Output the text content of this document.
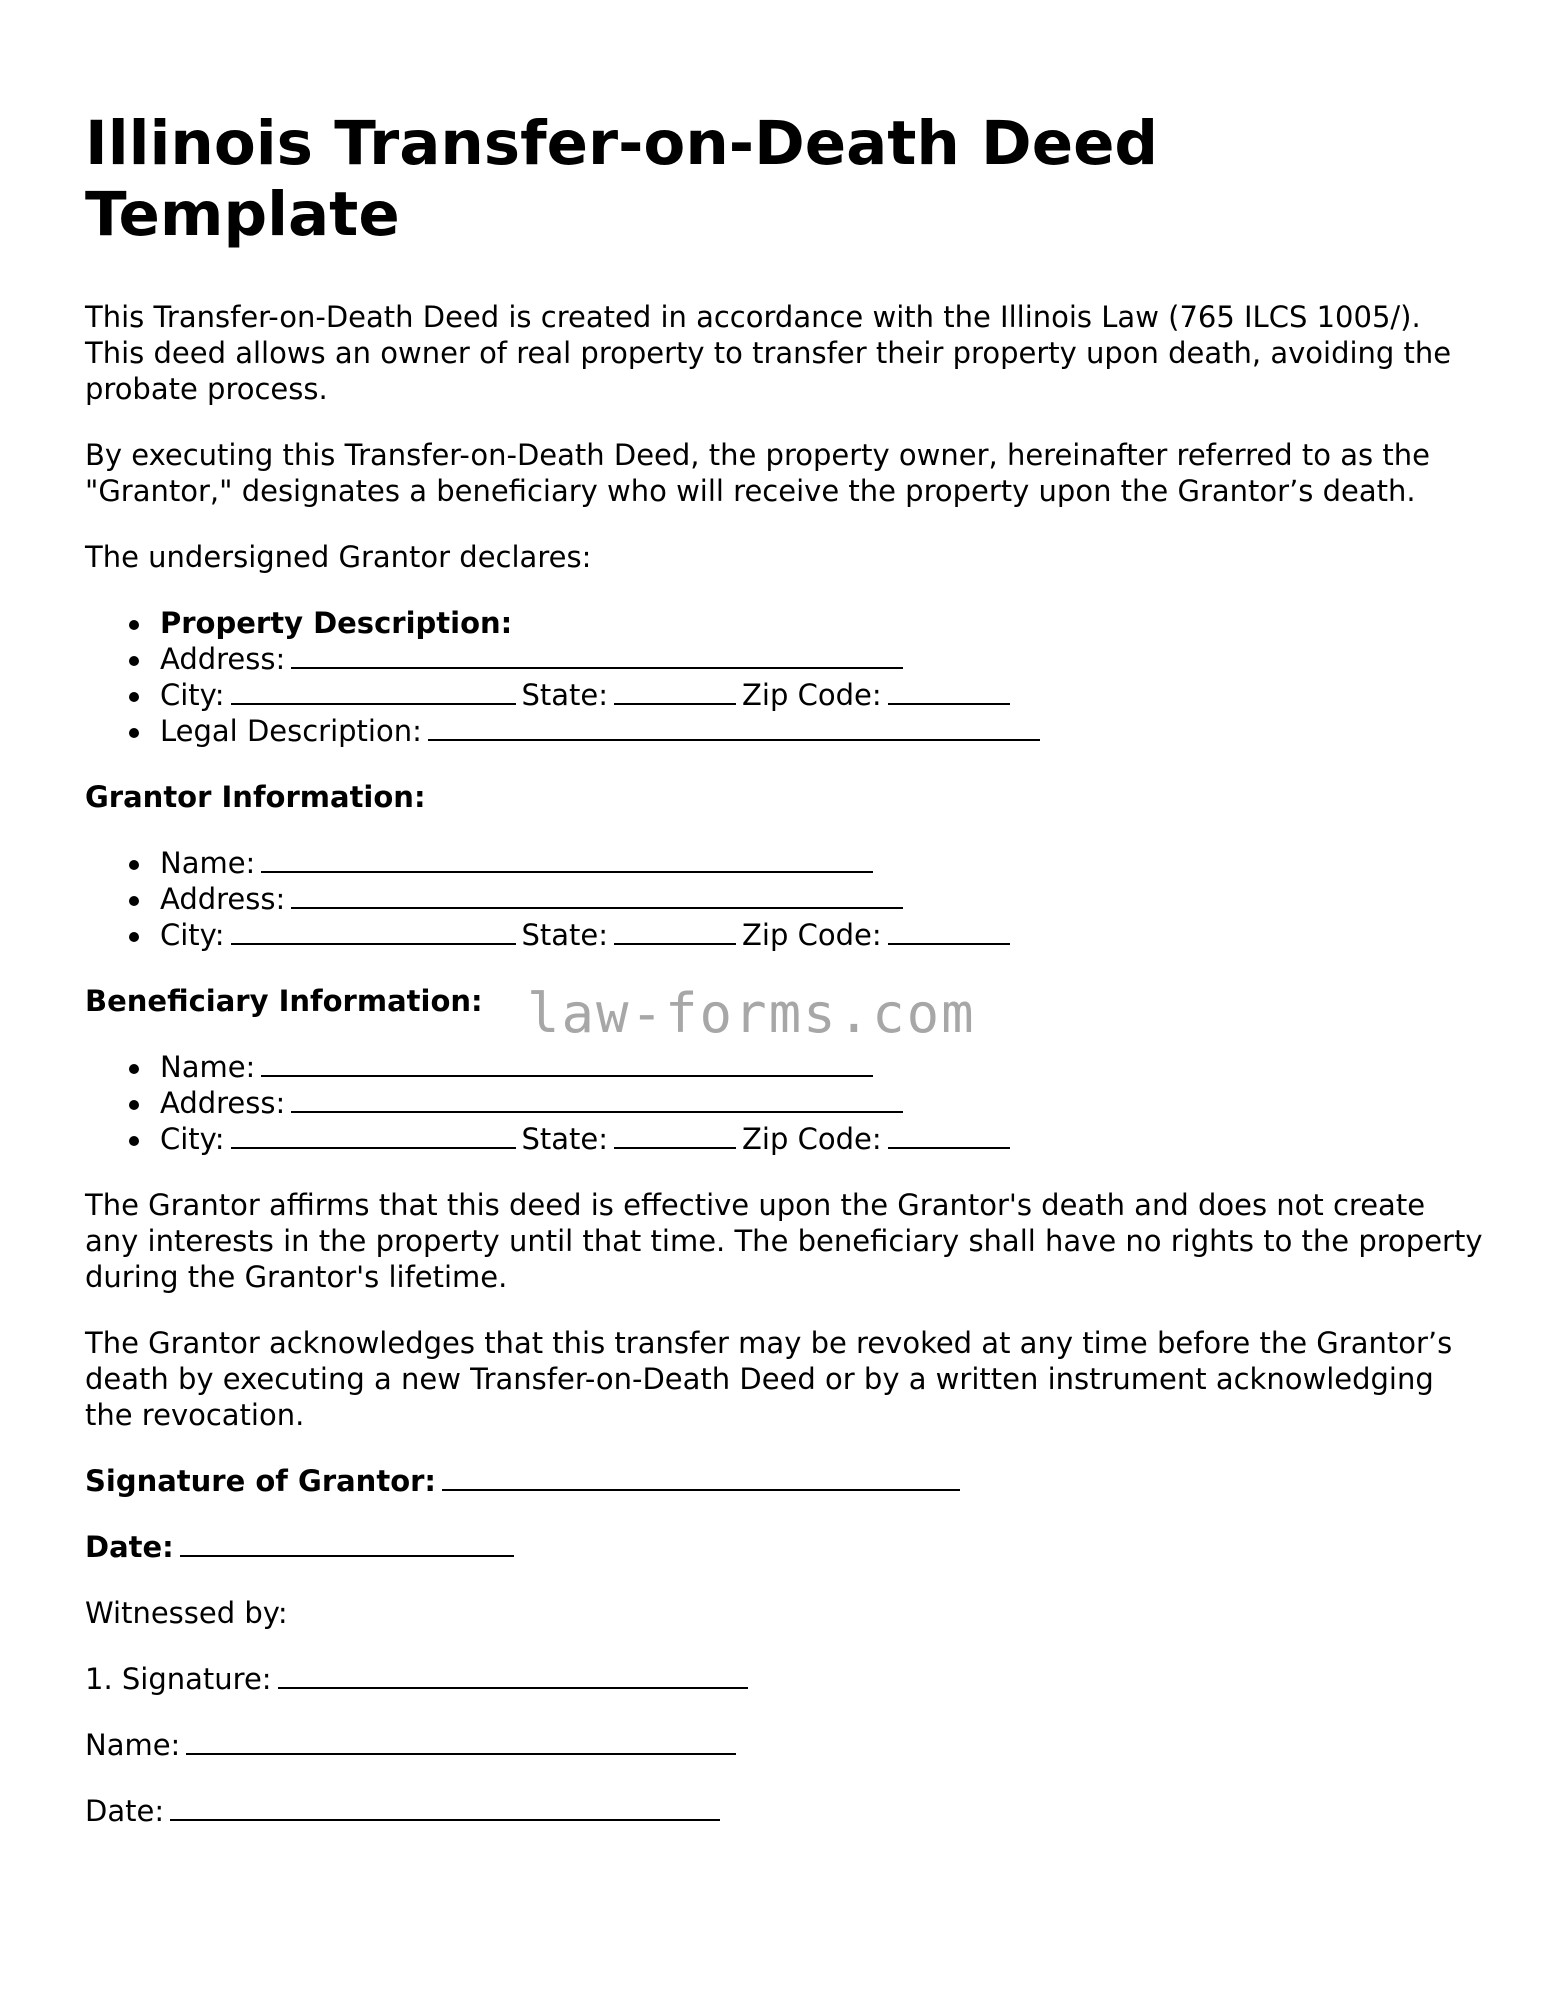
Illinois Transfer-on-Death Deed Template

This Transfer-on-Death Deed is created in accordance with the Illinois Law (765 ILCS 1005/). This deed allows an owner of real property to transfer their property upon death, avoiding the probate process.

By executing this Transfer-on-Death Deed, the property owner, hereinafter referred to as the "Grantor," designates a beneficiary who will receive the property upon the Grantor’s death.

The undersigned Grantor declares:

Property Description:
Address:
City:	State:	Zip Code:
Legal Description:

Grantor Information:

Name:
Address:
City:	State:	Zip Code:

Beneficiary Information:

Name:
Address:
City:	State:	Zip Code:

The Grantor affirms that this deed is effective upon the Grantor's death and does not create any interests in the property until that time. The beneficiary shall have no rights to the property during the Grantor's lifetime.

The Grantor acknowledges that this transfer may be revoked at any time before the Grantor’s death by executing a new Transfer-on-Death Deed or by a written instrument acknowledging the revocation.

Signature of Grantor:

Date:

Witnessed by:

1. Signature:

Name:

Date:

law-forms.com
